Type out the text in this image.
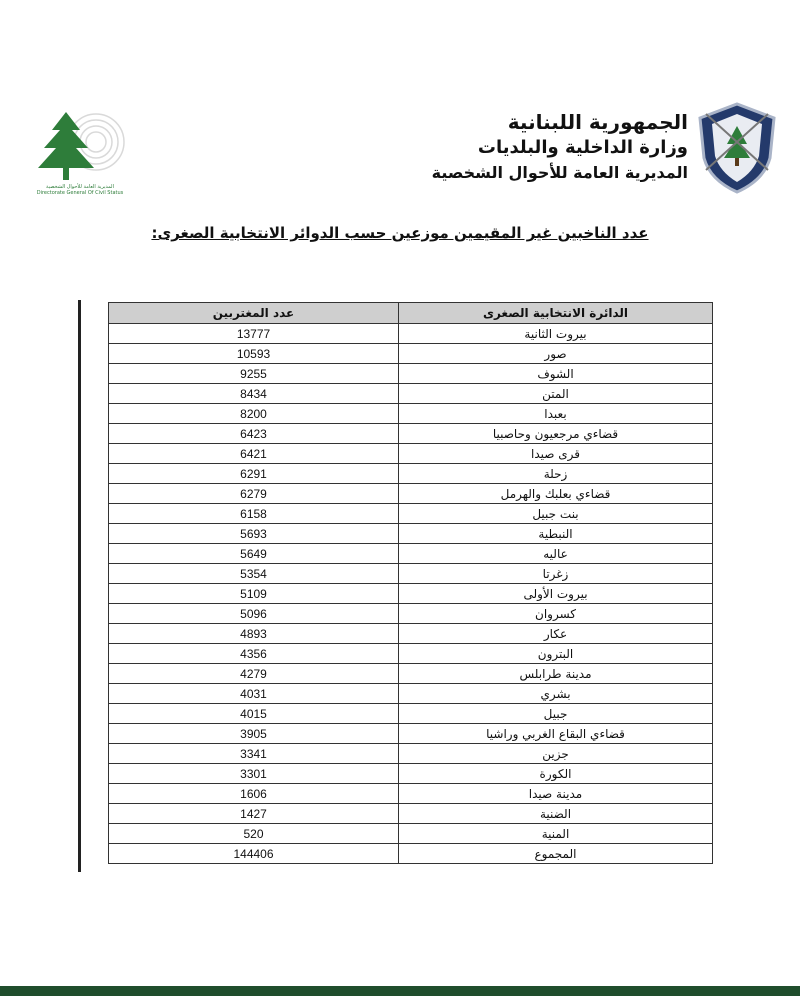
الجمهورية اللبنانية
وزارة الداخلية والبلديات
المديرية العامة للأحوال الشخصية
المديرية العامة للأحوال الشخصية
Directorate General Of Civil Status
عدد الناخبين غير المقيمين موزعين حسب الدوائر الانتخابية الصغرى:
الدائرة الانتخابية الصغرى	عدد المغتربين
بيروت الثانية	13777
صور	10593
الشوف	9255
المتن	8434
بعبدا	8200
قضاءي مرجعيون وحاصبيا	6423
قرى صيدا	6421
زحلة	6291
قضاءي بعلبك والهرمل	6279
بنت جبيل	6158
النبطية	5693
عاليه	5649
زغرتا	5354
بيروت الأولى	5109
كسروان	5096
عكار	4893
البترون	4356
مدينة طرابلس	4279
بشري	4031
جبيل	4015
قضاءي البقاع الغربي وراشيا	3905
جزين	3341
الكورة	3301
مدينة صيدا	1606
الضنية	1427
المنية	520
المجموع	144406
